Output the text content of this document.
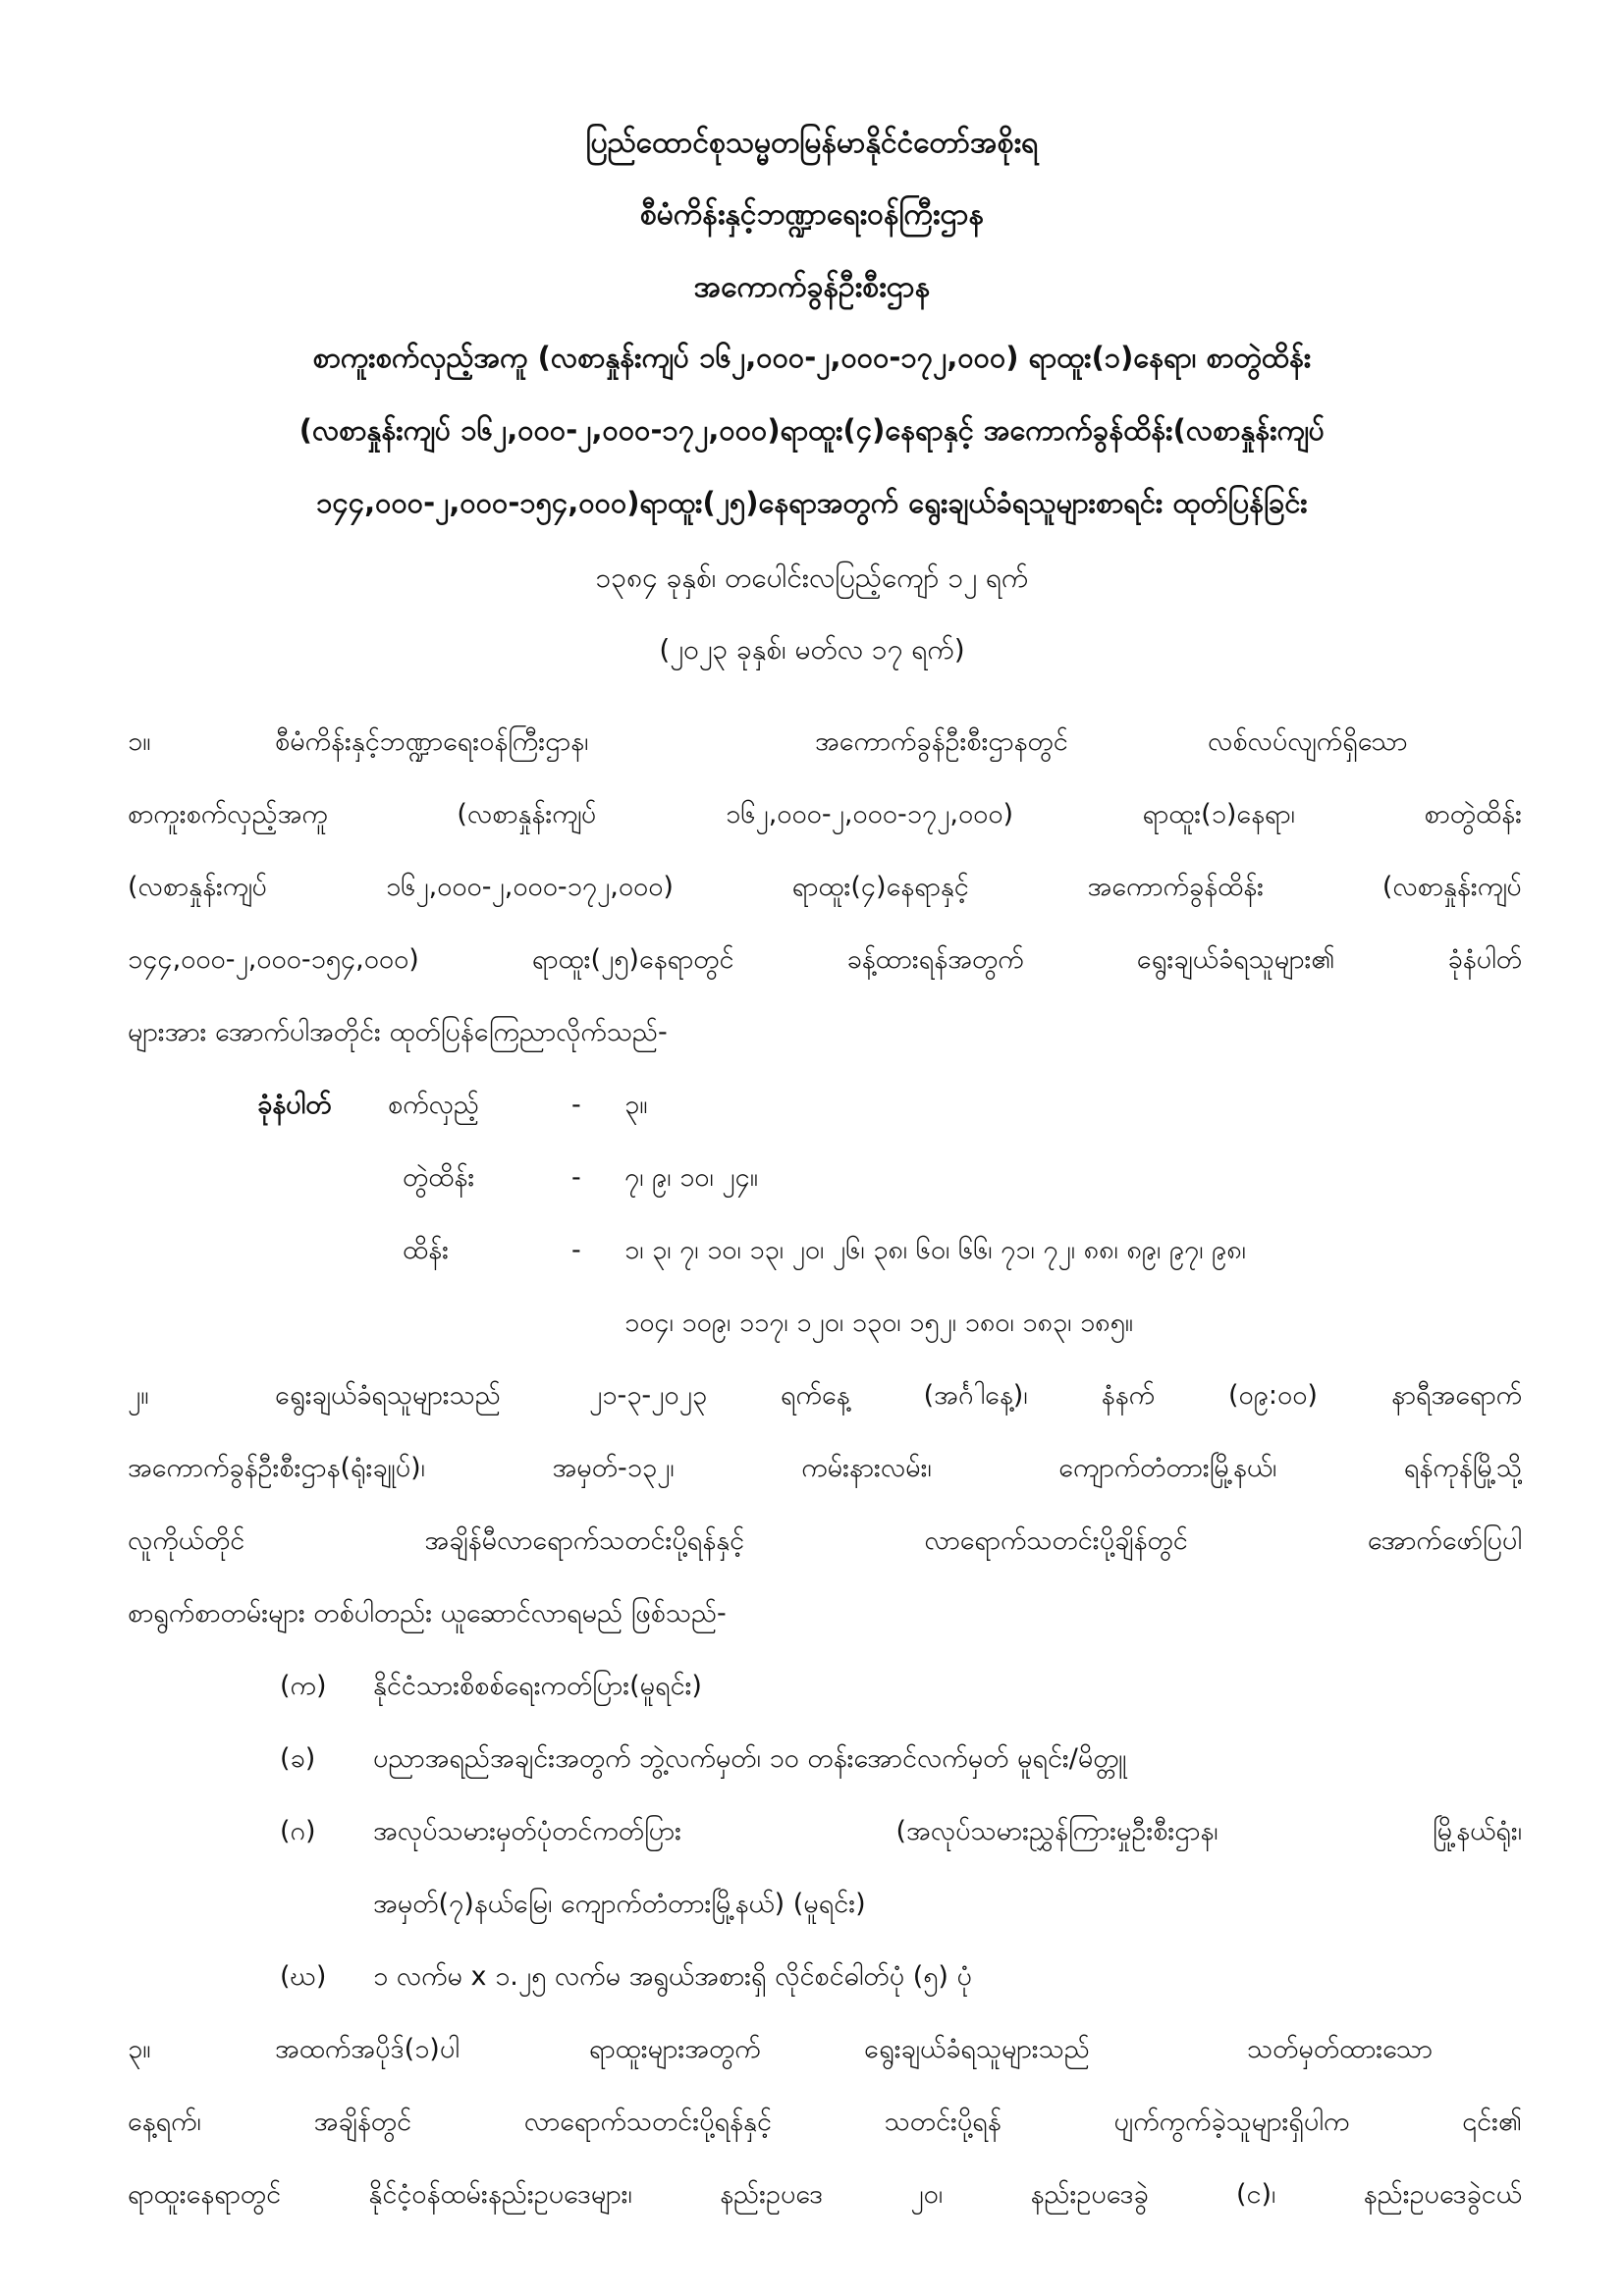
ပြည်ထောင်စုသမ္မတမြန်မာနိုင်ငံတော်အစိုးရ
စီမံကိန်းနှင့်ဘဏ္ဍာရေးဝန်ကြီးဌာန
အကောက်ခွန်ဦးစီးဌာန
စာကူးစက်လှည့်အကူ (လစာနှုန်းကျပ် ၁၆၂,၀၀၀-၂,၀၀၀-၁၇၂,၀၀၀) ရာထူး(၁)နေရာ၊ စာတွဲထိန်း
(လစာနှုန်းကျပ် ၁၆၂,၀၀၀-၂,၀၀၀-၁၇၂,၀၀၀)ရာထူး(၄)နေရာနှင့် အကောက်ခွန်ထိန်း(လစာနှုန်းကျပ်
၁၄၄,၀၀၀-၂,၀၀၀-၁၅၄,၀၀၀)ရာထူး(၂၅)နေရာအတွက် ရွေးချယ်ခံရသူများစာရင်း ထုတ်ပြန်ခြင်း
၁၃၈၄ ခုနှစ်၊ တပေါင်းလပြည့်ကျော် ၁၂ ရက်
(၂၀၂၃ ခုနှစ်၊ မတ်လ ၁၇ ရက်)
၁။	စီမံကိန်းနှင့်ဘဏ္ဍာရေးဝန်ကြီးဌာန၊	အကောက်ခွန်ဦးစီးဌာနတွင်	လစ်လပ်လျက်ရှိသော
စာကူးစက်လှည့်အကူ (လစာနှုန်းကျပ် ၁၆၂,၀၀၀-၂,၀၀၀-၁၇၂,၀၀၀) ရာထူး(၁)နေရာ၊ စာတွဲထိန်း
(လစာနှုန်းကျပ် ၁၆၂,၀၀၀-၂,၀၀၀-၁၇၂,၀၀၀) ရာထူး(၄)နေရာနှင့် အကောက်ခွန်ထိန်း (လစာနှုန်းကျပ်
၁၄၄,၀၀၀-၂,၀၀၀-၁၅၄,၀၀၀) ရာထူး(၂၅)နေရာတွင် ခန့်ထားရန်အတွက် ရွေးချယ်ခံရသူများ၏ ခုံနံပါတ်
များအား အောက်ပါအတိုင်း ထုတ်ပြန်ကြေညာလိုက်သည်-
ခုံနံပါတ် စက်လှည့်	- ၃။
တွဲထိန်း	- ၇၊ ၉၊ ၁၀၊ ၂၄။
ထိန်း	- ၁၊ ၃၊ ၇၊ ၁၀၊ ၁၃၊ ၂၀၊ ၂၆၊ ၃၈၊ ၆၀၊ ၆၆၊ ၇၁၊ ၇၂၊ ၈၈၊ ၈၉၊ ၉၇၊ ၉၈၊
၁၀၄၊ ၁၀၉၊ ၁၁၇၊ ၁၂၀၊ ၁၃၀၊ ၁၅၂၊ ၁၈၀၊ ၁၈၃၊ ၁၈၅။
၂။	ရွေးချယ်ခံရသူများသည်	၂၁-၃-၂၀၂၃ ရက်နေ့ (အင်္ဂါနေ့)၊ နံနက် (၀၉:၀၀) နာရီအရောက်
အကောက်ခွန်ဦးစီးဌာန(ရုံးချုပ်)၊ အမှတ်-၁၃၂၊ ကမ်းနားလမ်း၊ ကျောက်တံတားမြို့နယ်၊ ရန်ကုန်မြို့သို့
လူကိုယ်တိုင် အချိန်မီလာရောက်သတင်းပို့ရန်နှင့် လာရောက်သတင်းပို့ချိန်တွင် အောက်ဖော်ပြပါ
စာရွက်စာတမ်းများ တစ်ပါတည်း ယူဆောင်လာရမည် ဖြစ်သည်-
(က) နိုင်ငံသားစိစစ်ရေးကတ်ပြား(မူရင်း)
(ခ) ပညာအရည်အချင်းအတွက် ဘွဲ့လက်မှတ်၊ ၁၀ တန်းအောင်လက်မှတ် မူရင်း/မိတ္တူ
(ဂ) အလုပ်သမားမှတ်ပုံတင်ကတ်ပြား (အလုပ်သမားညွှန်ကြားမှုဦးစီးဌာန၊ မြို့နယ်ရုံး၊
အမှတ်(၇)နယ်မြေ၊ ကျောက်တံတားမြို့နယ်) (မူရင်း)
(ဃ) ၁ လက်မ x ၁.၂၅ လက်မ အရွယ်အစားရှိ လိုင်စင်ဓါတ်ပုံ (၅) ပုံ
၃။	အထက်အပိုဒ်(၁)ပါ	ရာထူးများအတွက်	ရွေးချယ်ခံရသူများသည်	သတ်မှတ်ထားသော
နေ့ရက်၊ အချိန်တွင် လာရောက်သတင်းပို့ရန်နှင့် သတင်းပို့ရန် ပျက်ကွက်ခဲ့သူများရှိပါက ၎င်း၏
ရာထူးနေရာတွင် နိုင်ငံ့ဝန်ထမ်းနည်းဥပဒေများ၊ နည်းဥပဒေ ၂၀၊ နည်းဥပဒေခွဲ (င)၊ နည်းဥပဒေခွဲငယ်
